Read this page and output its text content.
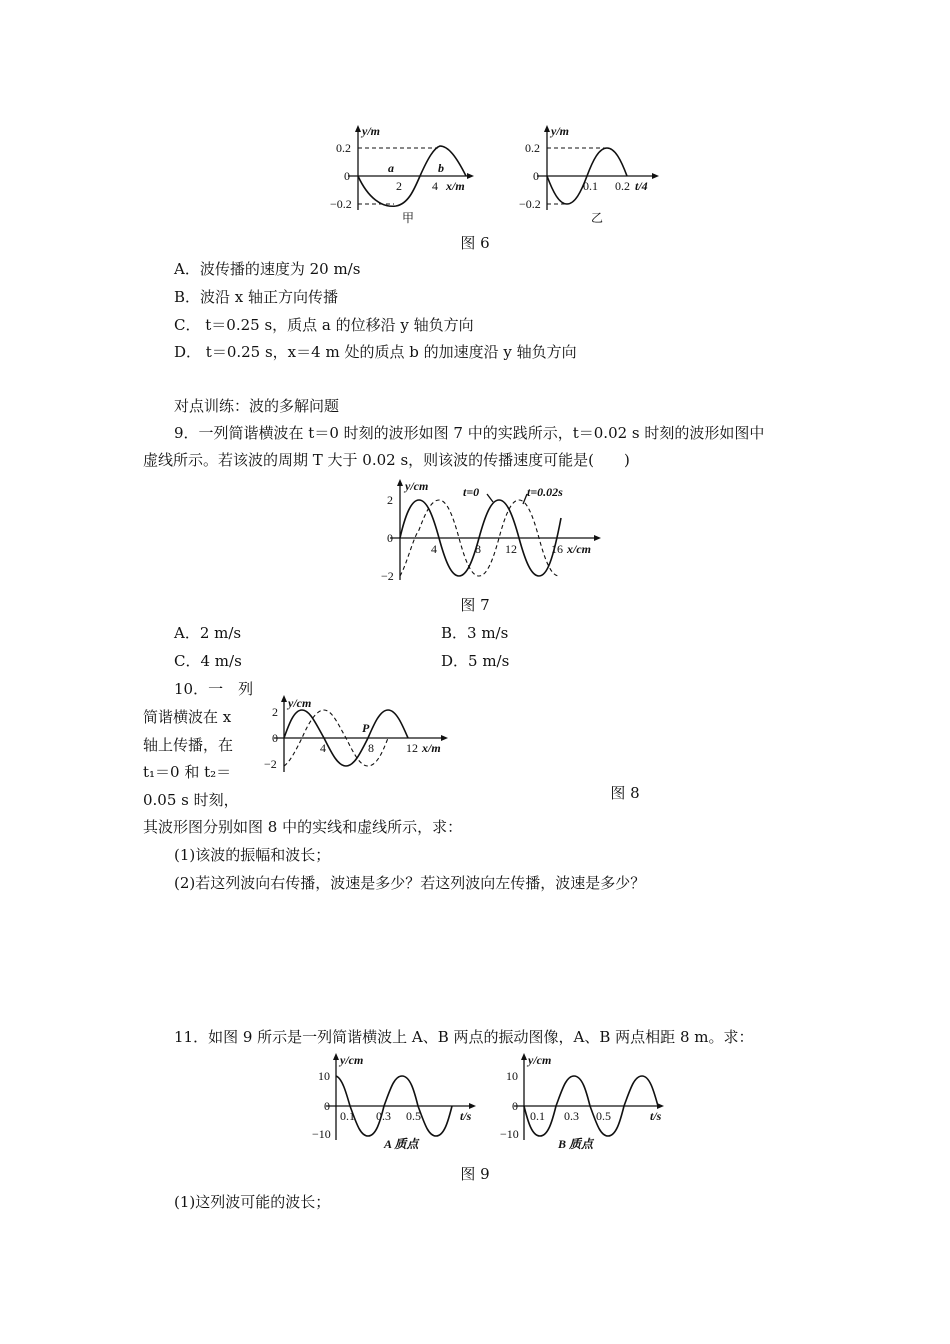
y/m
0.2
0
−0.2
a	b
2	4 x/m
甲
y/m
0.2
0
−0.2
0.1 0.2 t/4
乙
图 6
A．波传播的速度为 20 m/s
B．波沿 x 轴正方向传播
C． t＝0.25 s，质点 a 的位移沿 y 轴负方向
D． t＝0.25 s，x＝4 m 处的质点 b 的加速度沿 y 轴负方向
对点训练：波的多解问题
9．一列简谐横波在 t＝0 时刻的波形如图 7 中的实践所示，t＝0.02 s 时刻的波形如图中
虚线所示。若该波的周期 T 大于 0.02 s，则该波的传播速度可能是(　　)
y/cm
2
0
−2
t=0	t=0.02s
4	8 12	16 x/cm
图 7
A．2 m/s	B．3 m/s
C．4 m/s	D．5 m/s
10．一　列
简谐横波在 x
轴上传播，在
t₁＝0 和 t₂＝
0.05 s 时刻，
y/cm
2
0
−2
P
4	8	12 x/m
图 8
其波形图分别如图 8 中的实线和虚线所示，求：
(1)该波的振幅和波长；
(2)若这列波向右传播，波速是多少？若这列波向左传播，波速是多少？
11．如图 9 所示是一列简谐横波上 A、B 两点的振动图像，A、B 两点相距 8 m。求：
y/cm
10
0
−10
0.1 0.3 0.5	t/s
A 质点
y/cm
10
0
−10
0.1 0.3 0.5	t/s
B 质点
图 9
(1)这列波可能的波长；
